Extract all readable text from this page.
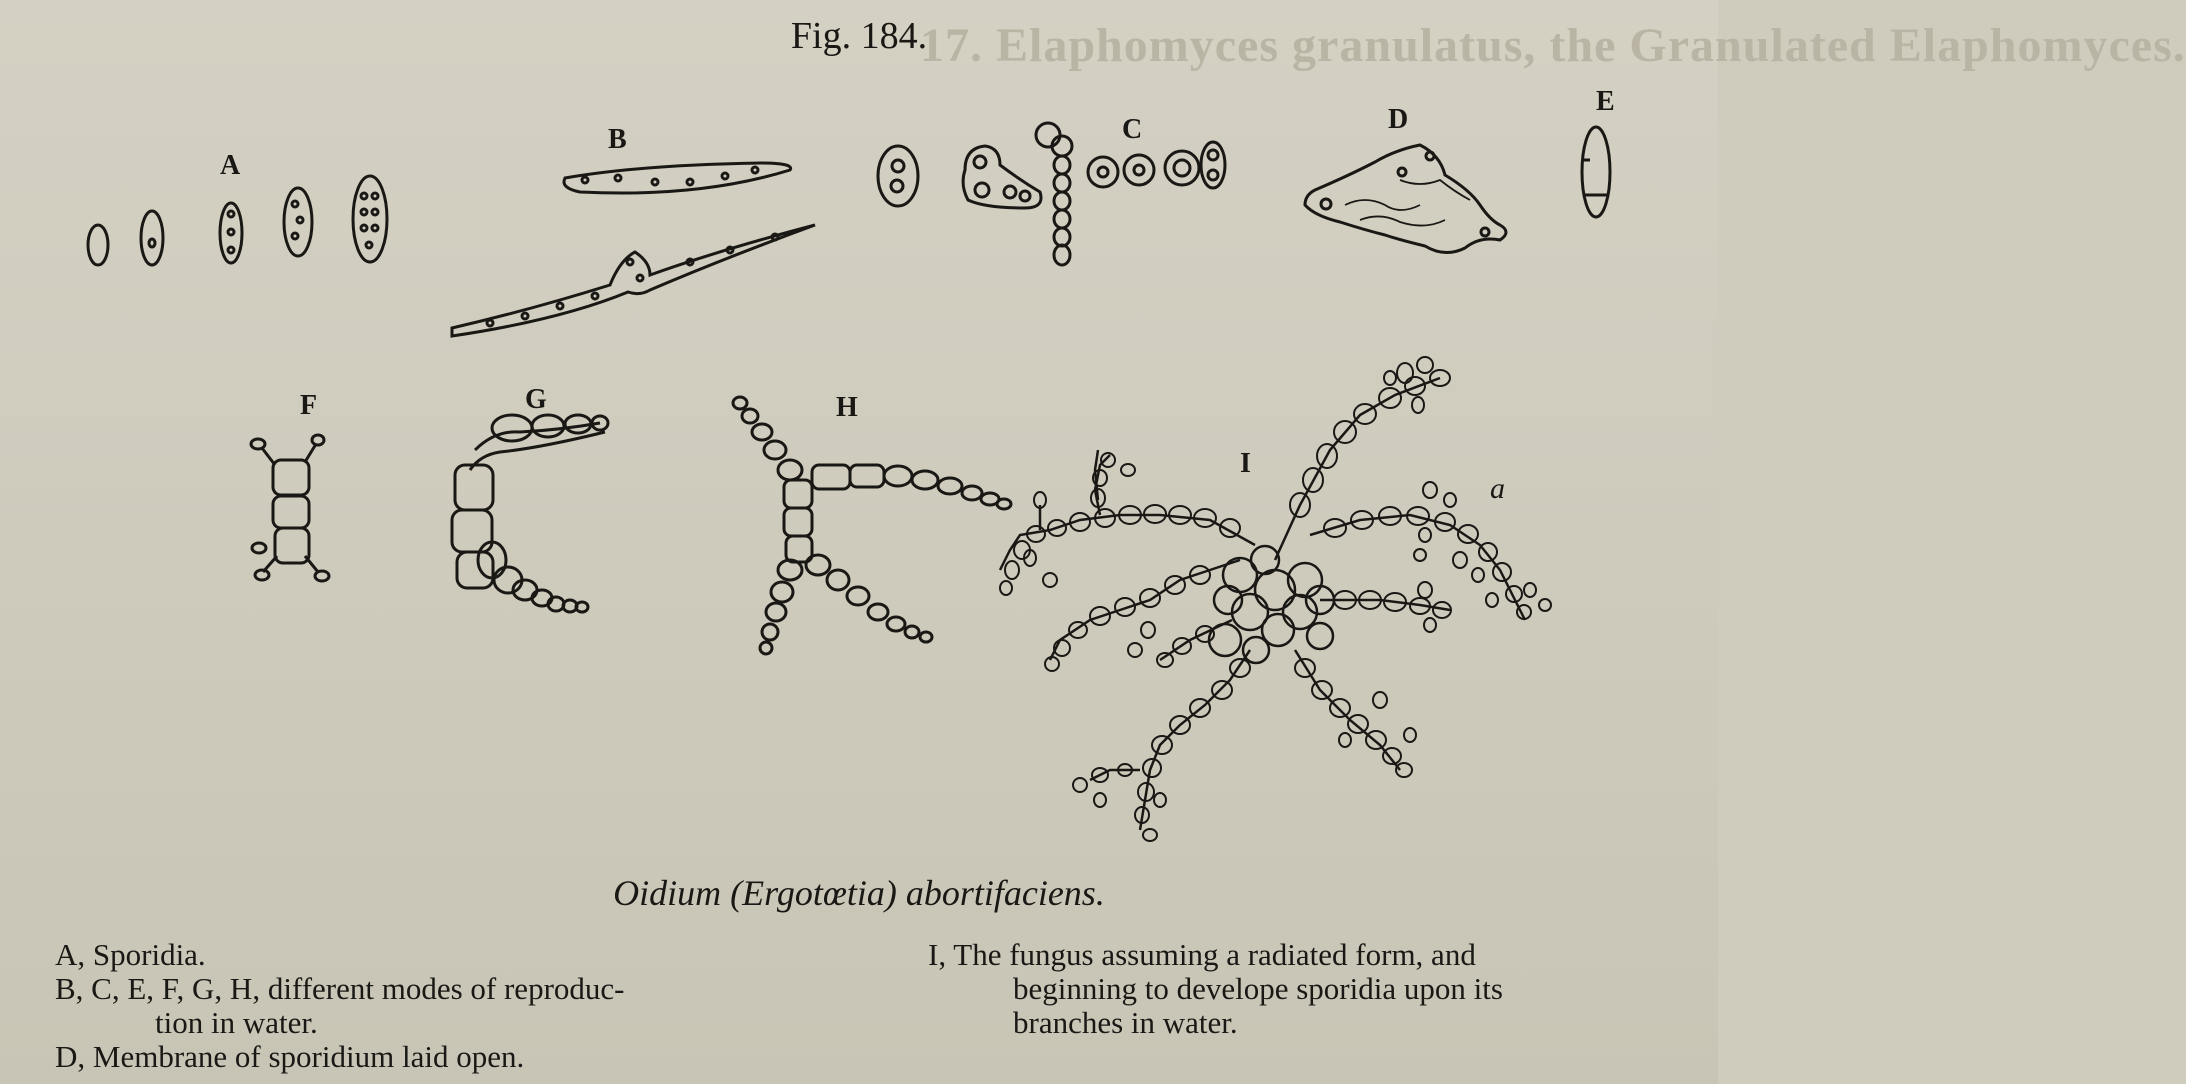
17. Elaphomyces granulatus, the Granulated Elaphomyces.
Fig. 184.
A
B	C	D
E
F	G	H
I
a
Oidium (Ergotœtia) abortifaciens.
A, Sporidia.
B, C, E, F, G, H, different modes of reproduc-
tion in water.
D, Membrane of sporidium laid open.
I, The fungus assuming a radiated form, and
beginning to develope sporidia upon its
branches in water.
